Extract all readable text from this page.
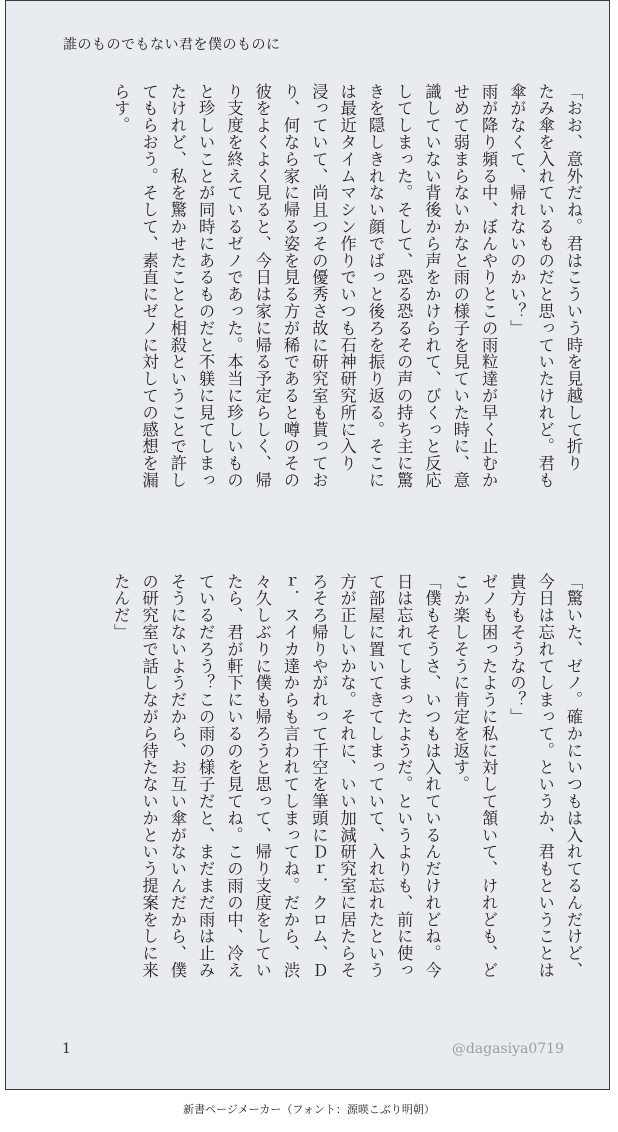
誰のものでもない君を僕のものに
「おお、意外だね。君はこういう時を見越して折り
たみ傘を入れているものだと思っていたけれど。君も
傘がなくて、帰れないのかい？」
雨が降り頻る中、ぼんやりとこの雨粒達が早く止むか
せめて弱まらないかなと雨の様子を見ていた時に、意
識していない背後から声をかけられて、びくっと反応
してしまった。そして、恐る恐るその声の持ち主に驚
きを隠しきれない顔でばっと後ろを振り返る。そこに
は最近タイムマシン作りでいつも石神研究所に入り
浸っていて、尚且つその優秀さ故に研究室も貰ってお
り、何なら家に帰る姿を見る方が稀であると噂のその
彼をよくよく見ると、今日は家に帰る予定らしく、帰
り支度を終えているゼノであった。本当に珍しいもの
と珍しいことが同時にあるものだと不躾に見てしまっ
たけれど、私を驚かせたことと相殺ということで許し
てもらおう。そして、素直にゼノに対しての感想を漏
らす。
「驚いた、ゼノ。確かにいつもは入れてるんだけど、
今日は忘れてしまって。というか、君もということは
貴方もそうなの？」
ゼノも困ったように私に対して頷いて、けれども、ど
こか楽しそうに肯定を返す。
「僕もそうさ、いつもは入れているんだけれどね。今
日は忘れてしまったようだ。というよりも、前に使っ
て部屋に置いてきてしまっていて、入れ忘れたという
方が正しいかな。それに、いい加減研究室に居たらそ
ろそろ帰りやがれって千空を筆頭にＤｒ．クロム、Ｄ
ｒ．スイカ達からも言われてしまってね。だから、渋
々久しぶりに僕も帰ろうと思って、帰り支度をしてい
たら、君が軒下にいるのを見てね。この雨の中、冷え
ているだろう？この雨の様子だと、まだまだ雨は止み
そうにないようだから、お互い傘がないんだから、僕
の研究室で話しながら待たないかという提案をしに来
たんだ」
1	@dagasiya0719
新書ページメーカー（フォント：源暎こぶり明朝）
